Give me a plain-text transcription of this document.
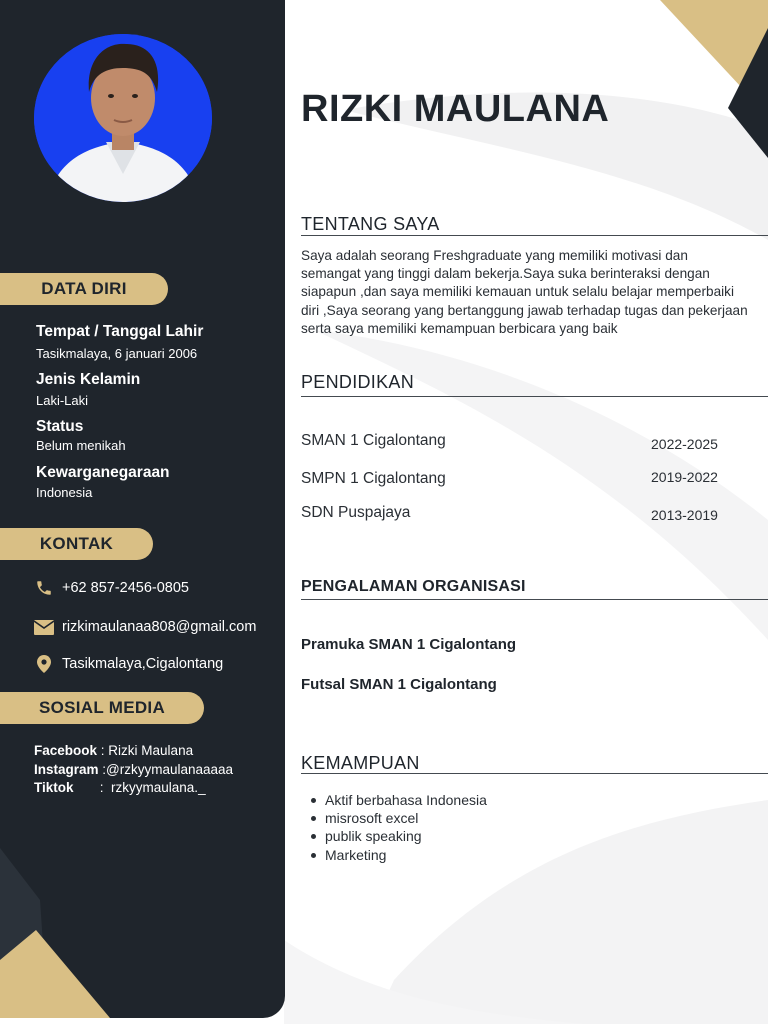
DATA DIRI
Tempat / Tanggal Lahir
Tasikmalaya, 6 januari 2006
Jenis Kelamin
Laki-Laki
Status
Belum menikah
Kewarganegaraan
Indonesia
KONTAK
+62 857-2456-0805
rizkimaulanaa808@gmail.com
Tasikmalaya,Cigalontang
SOSIAL MEDIA
Facebook : Rizki Maulana
Instagram :@rzkyymaulanaaaaa
Tiktok       :  rzkyymaulana._
RIZKI MAULANA
TENTANG SAYA
Saya adalah seorang Freshgraduate yang memiliki motivasi dan semangat yang tinggi dalam bekerja.Saya suka berinteraksi dengan siapapun ,dan saya memiliki kemauan untuk selalu belajar memperbaiki diri ,Saya seorang yang bertanggung jawab terhadap tugas dan pekerjaan serta saya memiliki kemampuan berbicara yang baik
PENDIDIKAN
SMAN 1 Cigalontang	2022-2025
SMPN 1 Cigalontang	2019-2022
SDN Puspajaya	2013-2019
PENGALAMAN ORGANISASI
Pramuka SMAN 1 Cigalontang
Futsal SMAN 1 Cigalontang
KEMAMPUAN
Aktif berbahasa Indonesia
misrosoft excel
publik speaking
Marketing
